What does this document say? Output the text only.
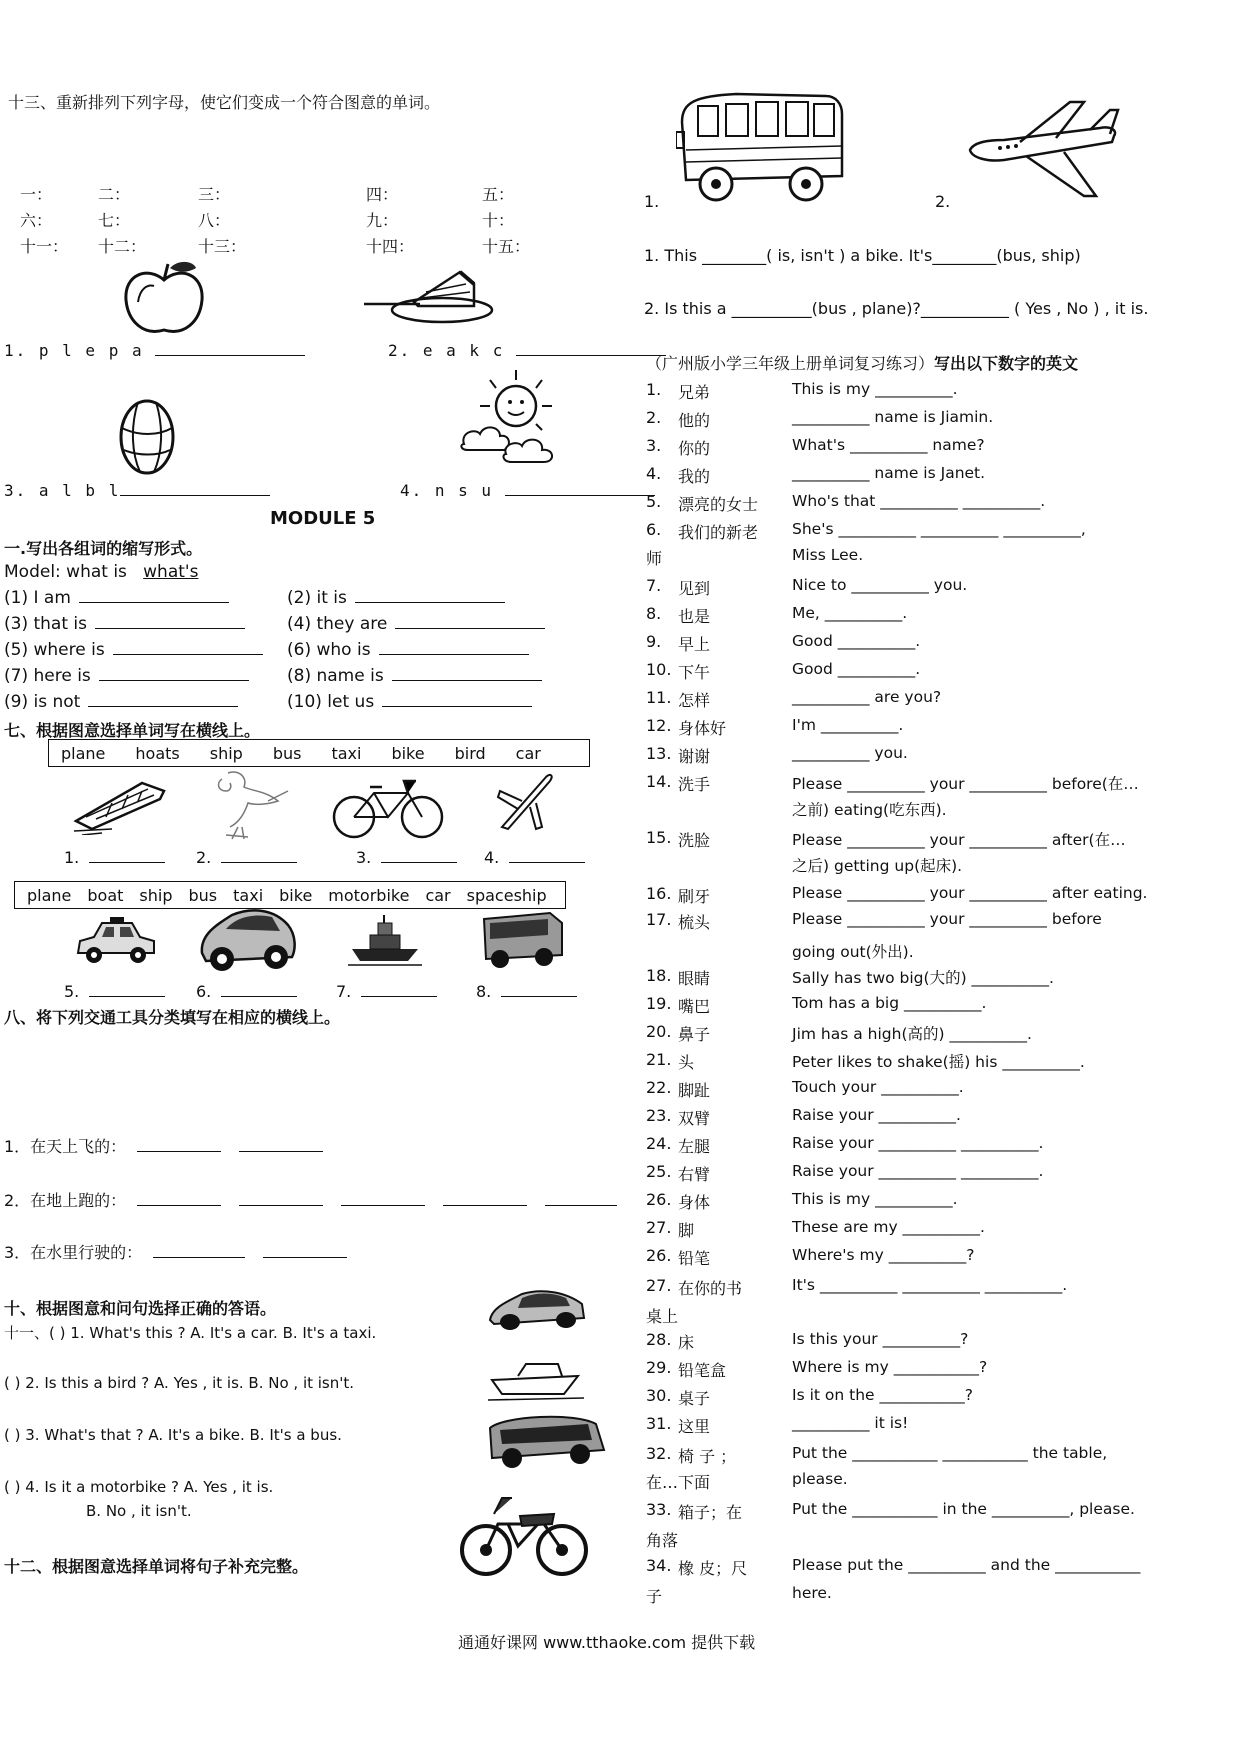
十三、重新排列下列字母，使它们变成一个符合图意的单词。
一：	二：	三：	四：	五：
六：	七：	八：	九：	十：
十一： 十二：	十三：	十四：	十五：
1. p l e p a	2. e a k c
3. a l b l	4. n s u
MODULE 5
一.写出各组词的缩写形式。
Model: what is what's
(1) I am	(2) it is
(3) that is	(4) they are
(5) where is	(6) who is
(7) here is	(8) name is
(9) is not	(10) let us
七、根据图意选择单词写在横线上。
plane hoats ship bus taxi bike bird car
1.	2.	3.	4.
plane boat ship bus taxi bike motorbike car spaceship
5.	6.	7.	8.
八、将下列交通工具分类填写在相应的横线上。
1．在天上飞的：
2．在地上跑的：
3．在水里行驶的：
十、根据图意和问句选择正确的答语。
十一、( ) 1. What's this ? A. It's a car. B. It's a taxi.
( ) 2. Is this a bird ? A. Yes , it is. B. No , it isn't.
( ) 3. What's that ? A. It's a bike. B. It's a bus.
( ) 4. Is it a motorbike ? A. Yes , it is.
B. No , it isn't.
十二、根据图意选择单词将句子补充完整。
1.	2.
1. This ________( is, isn't ) a bike. It's________(bus, ship)
2. Is this a __________(bus , plane)?___________ ( Yes , No ) , it is.
（广州版小学三年级上册单词复习练习）写出以下数字的英文
1. 兄弟	This is my __________.
2. 他的	__________ name is Jiamin.
3. 你的	What's __________ name?
4. 我的	__________ name is Janet.
5. 漂亮的女士 Who's that __________ __________.
6. 我们的新老 She's __________ __________ __________,
师	Miss Lee.
7. 见到	Nice to __________ you.
8. 也是	Me, __________.
9. 早上	Good __________.
10. 下午	Good __________.
11. 怎样	__________ are you?
12. 身体好	I'm __________.
13. 谢谢	__________ you.
14. 洗手	Please __________ your __________ before(在…
之前) eating(吃东西).
15. 洗脸	Please __________ your __________ after(在…
之后) getting up(起床).
16. 刷牙	Please __________ your __________ after eating.
17. 梳头	Please __________ your __________ before
going out(外出).
18. 眼睛	Sally has two big(大的) __________.
19. 嘴巴	Tom has a big __________.
20. 鼻子	Jim has a high(高的) __________.
21. 头	Peter likes to shake(摇) his __________.
22. 脚趾	Touch your __________.
23. 双臂	Raise your __________.
24. 左腿	Raise your __________ __________.
25. 右臂	Raise your __________ __________.
26. 身体	This is my __________.
27. 脚	These are my __________.
26. 铅笔	Where's my __________?
27. 在你的书	It's __________ __________ __________.
桌上
28. 床	Is this your __________?
29. 铅笔盒	Where is my ___________?
30. 桌子	Is it on the ___________?
31. 这里	__________ it is!
32. 椅 子 ；	Put the ___________ ___________ the table,
在…下面	please.
33. 箱子；在	Put the ___________ in the __________, please.
角落
34. 橡 皮；尺	Please put the __________ and the ___________
子	here.
通通好课网 www.tthaoke.com 提供下载
